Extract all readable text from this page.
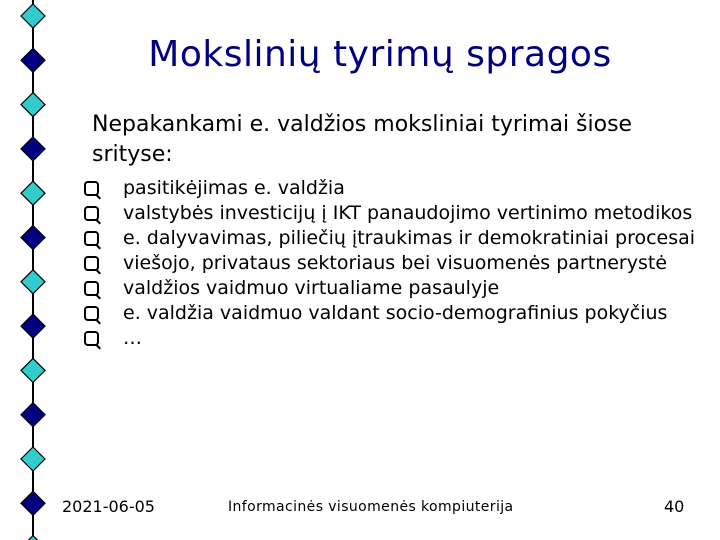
Mokslinių tyrimų spragos
Nepakankami e. valdžios moksliniai tyrimai šiose srityse:
pasitikėjimas e. valdžia
valstybės investicijų į IKT panaudojimo vertinimo metodikos
e. dalyvavimas, piliečių įtraukimas ir demokratiniai procesai
viešojo, privataus sektoriaus bei visuomenės partnerystė
valdžios vaidmuo virtualiame pasaulyje
e. valdžia vaidmuo valdant socio-demografinius pokyčius
…
2021-06-05	Informacinės visuomenės kompiuterija	40
